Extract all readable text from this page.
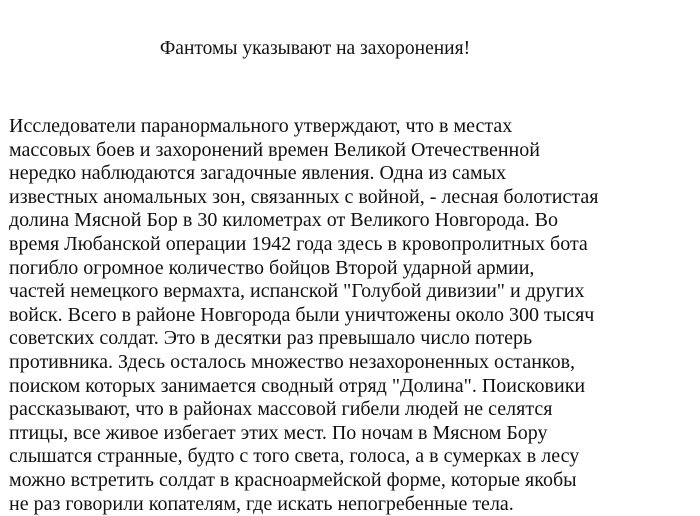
Фантомы указывают на захоронения!
Исследователи паранормального утверждают, что в местах
массовых боев и захоронений времен Великой Отечественной
нередко наблюдаются загадочные явления. Одна из самых
известных аномальных зон, связанных с войной, - лесная болотистая
долина Мясной Бор в 30 километрах от Великого Новгорода. Во
время Любанской операции 1942 года здесь в кровопролитных бота
погибло огромное количество бойцов Второй ударной армии,
частей немецкого вермахта, испанской "Голубой дивизии" и других
войск. Всего в районе Новгорода были уничтожены около 300 тысяч
советских солдат. Это в десятки раз превышало число потерь
противника. Здесь осталось множество незахороненных останков,
поиском которых занимается сводный отряд "Долина". Поисковики
рассказывают, что в районах массовой гибели людей не селятся
птицы, все живое избегает этих мест. По ночам в Мясном Бору
слышатся странные, будто с того света, голоса, а в сумерках в лесу
можно встретить солдат в красноармейской форме, которые якобы
не раз говорили копателям, где искать непогребенные тела.
